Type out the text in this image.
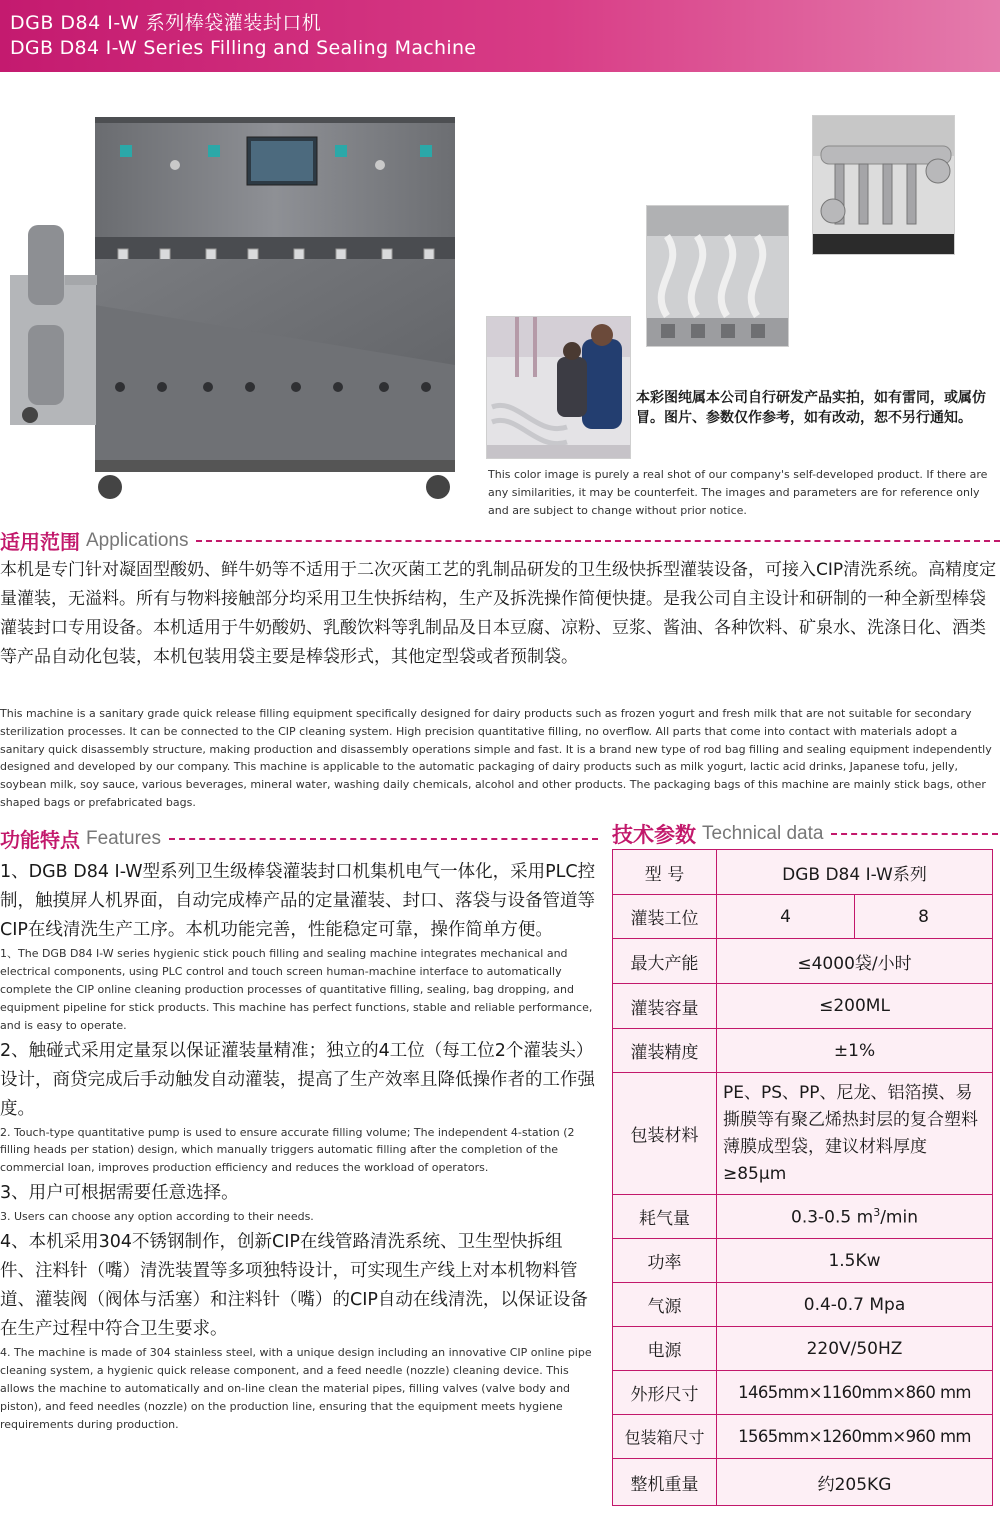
DGB D84 I-W 系列棒袋灌装封口机
DGB D84 I-W Series Filling and Sealing Machine
本彩图纯属本公司自行研发产品实拍，如有雷同，或属仿冒。图片、参数仅作参考，如有改动，恕不另行通知。
This color image is purely a real shot of our company's self-developed product. If there are any similarities, it may be counterfeit. The images and parameters are for reference only and are subject to change without prior notice.
适用范围 Applications
本机是专门针对凝固型酸奶、鲜牛奶等不适用于二次灭菌工艺的乳制品研发的卫生级快拆型灌装设备，可接入CIP清洗系统。高精度定量灌装，无溢料。所有与物料接触部分均采用卫生快拆结构，生产及拆洗操作简便快捷。是我公司自主设计和研制的一种全新型棒袋灌装封口专用设备。本机适用于牛奶酸奶、乳酸饮料等乳制品及日本豆腐、凉粉、豆浆、酱油、各种饮料、矿泉水、洗涤日化、酒类等产品自动化包装，本机包装用袋主要是棒袋形式，其他定型袋或者预制袋。
This machine is a sanitary grade quick release filling equipment specifically designed for dairy products such as frozen yogurt and fresh milk that are not suitable for secondary sterilization processes. It can be connected to the CIP cleaning system. High precision quantitative filling, no overflow. All parts that come into contact with materials adopt a sanitary quick disassembly structure, making production and disassembly operations simple and fast. It is a brand new type of rod bag filling and sealing equipment independently designed and developed by our company. This machine is applicable to the automatic packaging of dairy products such as milk yogurt, lactic acid drinks, Japanese tofu, jelly, soybean milk, soy sauce, various beverages, mineral water, washing daily chemicals, alcohol and other products. The packaging bags of this machine are mainly stick bags, other shaped bags or prefabricated bags.
功能特点 Features
1、DGB D84 I-W型系列卫生级棒袋灌装封口机集机电气一体化，采用PLC控制，触摸屏人机界面，自动完成棒产品的定量灌装、封口、落袋与设备管道等CIP在线清洗生产工序。本机功能完善，性能稳定可靠，操作简单方便。
1、The DGB D84 I-W series hygienic stick pouch filling and sealing machine integrates mechanical and electrical components, using PLC control and touch screen human-machine interface to automatically complete the CIP online cleaning production processes of quantitative filling, sealing, bag dropping, and equipment pipeline for stick products. This machine has perfect functions, stable and reliable performance, and is easy to operate.
2、触碰式采用定量泵以保证灌装量精准；独立的4工位（每工位2个灌装头）设计，商贷完成后手动触发自动灌装，提高了生产效率且降低操作者的工作强度。
2. Touch-type quantitative pump is used to ensure accurate filling volume; The independent 4-station (2 filling heads per station) design, which manually triggers automatic filling after the completion of the commercial loan, improves production efficiency and reduces the workload of operators.
3、用户可根据需要任意选择。
3. Users can choose any option according to their needs.
4、本机采用304不锈钢制作，创新CIP在线管路清洗系统、卫生型快拆组件、注料针（嘴）清洗装置等多项独特设计，可实现生产线上对本机物料管道、灌装阀（阀体与活塞）和注料针（嘴）的CIP自动在线清洗，以保证设备在生产过程中符合卫生要求。
4. The machine is made of 304 stainless steel, with a unique design including an innovative CIP online pipe cleaning system, a hygienic quick release component, and a feed needle (nozzle) cleaning device. This allows the machine to automatically and on-line clean the material pipes, filling valves (valve body and piston), and feed needles (nozzle) on the production line, ensuring that the equipment meets hygiene requirements during production.
技术参数 Technical data
型 号	DGB D84 I-W系列	
灌装工位	4	8
最大产能	≤4000袋/小时	
灌装容量	≤200ML	
灌装精度	±1%	
包装材料	PE、PS、PP、尼龙、铝箔摸、易撕膜等有聚乙烯热封层的复合塑料薄膜成型袋，建议材料厚度≥85μm	
耗气量	0.3-0.5 $m^3/\min$	
功率	1.5Kw	
气源	0.4-0.7 Mpa	
电源	220V/50HZ	
外形尺寸	1465mm×1160mm×860 mm	
包装箱尺寸	1565mm×1260mm×960 mm	
整机重量	约205KG	
